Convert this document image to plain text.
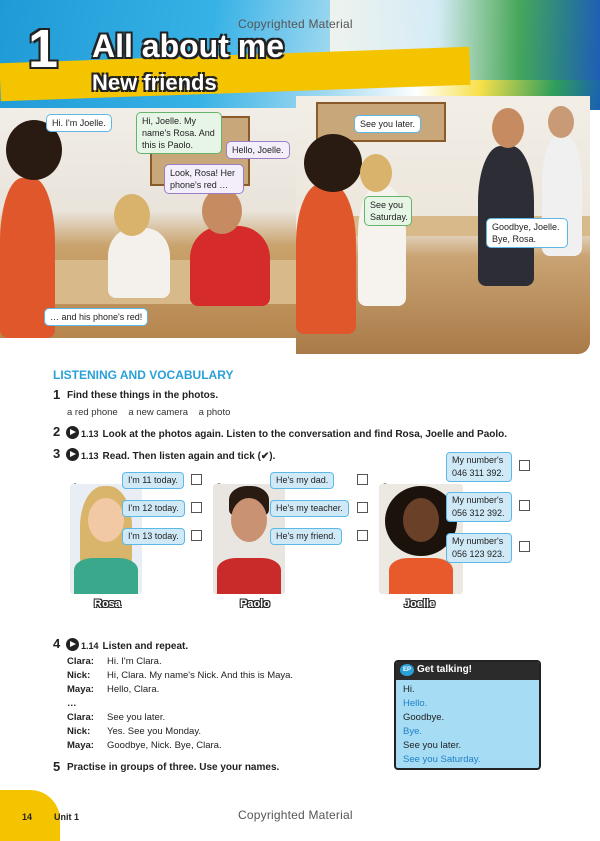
Copyrighted Material
1 All about me
New friends
Hi. I'm Joelle.	Hi, Joelle. My name's Rosa. And this is Paolo.	Hello, Joelle.
Look, Rosa! Her phone's red …
… and his phone's red!
See you later.
See you Saturday.
Goodbye, Joelle. Bye, Rosa.
LISTENING AND VOCABULARY
1 Find these things in the photos.
a red phone a new camera a photo
2	1.13 Look at the photos again. Listen to the conversation and find Rosa, Joelle and Paolo.
3	1.13 Read. Then listen again and tick (✔).
Rosa
I'm 11 today.
I'm 12 today.
I'm 13 today.
Paolo
He's my dad.
He's my teacher.
He's my friend.
Joelle
My number's 046 311 392.
My number's 056 312 392.
My number's 056 123 923.
4	1.14 Listen and repeat.
Clara: Hi. I'm Clara.
Nick: Hi, Clara. My name's Nick. And this is Maya.
Maya: Hello, Clara.
…
Clara: See you later.
Nick: Yes. See you Monday.
Maya: Goodbye, Nick. Bye, Clara.
5 Practise in groups of three. Use your names.
EP Get talking!
Hi.
Hello.
Goodbye.
Bye.
See you later.
See you Saturday.
14 Unit 1	Copyrighted Material
